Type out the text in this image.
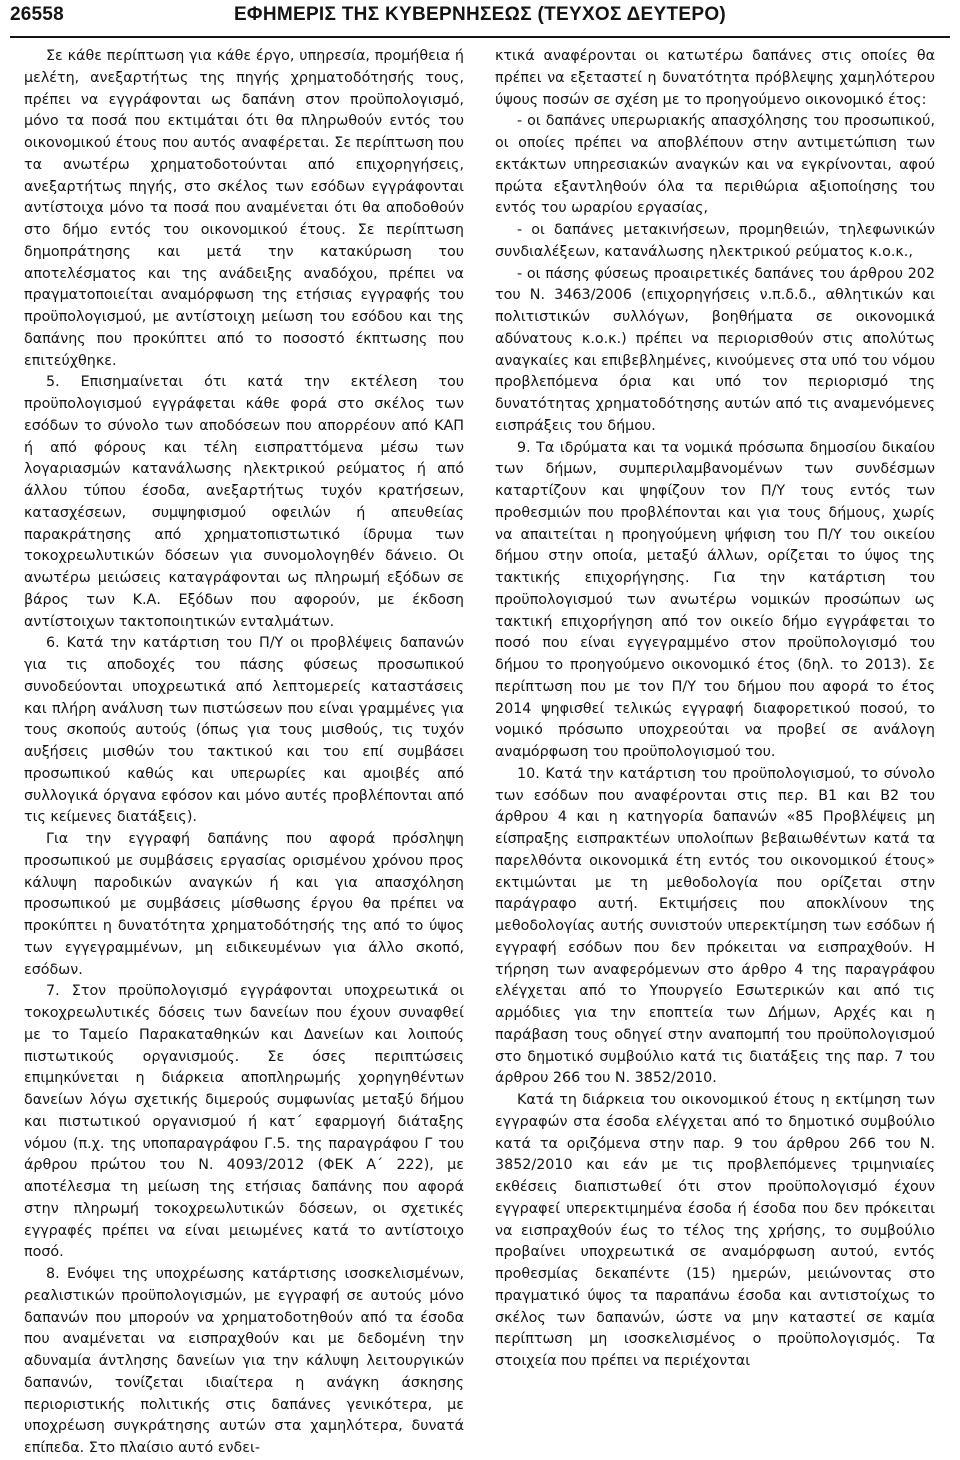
26558	ΕΦΗΜΕΡΙΣ ΤΗΣ ΚΥΒΕΡΝΗΣΕΩΣ (ΤΕΥΧΟΣ ΔΕΥΤΕΡΟ)

Σε κάθε περίπτωση για κάθε έργο, υπηρεσία, προμήθεια ή μελέτη, ανεξαρτήτως της πηγής χρηματοδότησής τους, πρέπει να εγγράφονται ως δαπάνη στον προϋπολογισμό, μόνο τα ποσά που εκτιμάται ότι θα πληρωθούν εντός του οικονομικού έτους που αυτός αναφέρεται. Σε περίπτωση που τα ανωτέρω χρηματοδοτούνται από επιχορηγήσεις, ανεξαρτήτως πηγής, στο σκέλος των εσόδων εγγράφονται αντίστοιχα μόνο τα ποσά που αναμένεται ότι θα αποδοθούν στο δήμο εντός του οικονομικού έτους. Σε περίπτωση δημοπράτησης και μετά την κατακύρωση του αποτελέσματος και της ανάδειξης αναδόχου, πρέπει να πραγματοποιείται αναμόρφωση της ετήσιας εγγραφής του προϋπολογισμού, με αντίστοιχη μείωση του εσόδου και της δαπάνης που προκύπτει από το ποσοστό έκπτωσης που επιτεύχθηκε.

5. Επισημαίνεται ότι κατά την εκτέλεση του προϋπολογισμού εγγράφεται κάθε φορά στο σκέλος των εσόδων το σύνολο των αποδόσεων που απορρέουν από ΚΑΠ ή από φόρους και τέλη εισπραττόμενα μέσω των λογαριασμών κατανάλωσης ηλεκτρικού ρεύματος ή από άλλου τύπου έσοδα, ανεξαρτήτως τυχόν κρατήσεων, κατασχέσεων, συμψηφισμού οφειλών ή απευθείας παρακράτησης από χρηματοπιστωτικό ίδρυμα των τοκοχρεωλυτικών δόσεων για συνομολογηθέν δάνειο. Οι ανωτέρω μειώσεις καταγράφονται ως πληρωμή εξόδων σε βάρος των Κ.Α. Εξόδων που αφορούν, με έκδοση αντίστοιχων τακτοποιητικών ενταλμάτων.

6. Κατά την κατάρτιση του Π/Υ οι προβλέψεις δαπανών για τις αποδοχές του πάσης φύσεως προσωπικού συνοδεύονται υποχρεωτικά από λεπτομερείς καταστάσεις και πλήρη ανάλυση των πιστώσεων που είναι γραμμένες για τους σκοπούς αυτούς (όπως για τους μισθούς, τις τυχόν αυξήσεις μισθών του τακτικού και του επί συμβάσει προσωπικού καθώς και υπερωρίες και αμοιβές από συλλογικά όργανα εφόσον και μόνο αυτές προβλέπονται από τις κείμενες διατάξεις).

Για την εγγραφή δαπάνης που αφορά πρόσληψη προσωπικού με συμβάσεις εργασίας ορισμένου χρόνου προς κάλυψη παροδικών αναγκών ή και για απασχόληση προσωπικού με συμβάσεις μίσθωσης έργου θα πρέπει να προκύπτει η δυνατότητα χρηματοδότησής της από το ύψος των εγγεγραμμένων, μη ειδικευμένων για άλλο σκοπό, εσόδων.

7. Στον προϋπολογισμό εγγράφονται υποχρεωτικά οι τοκοχρεωλυτικές δόσεις των δανείων που έχουν συναφθεί με το Ταμείο Παρακαταθηκών και Δανείων και λοιπούς πιστωτικούς οργανισμούς. Σε όσες περιπτώσεις επιμηκύνεται η διάρκεια αποπληρωμής χορηγηθέντων δανείων λόγω σχετικής διμερούς συμφωνίας μεταξύ δήμου και πιστωτικού οργανισμού ή κατ΄ εφαρμογή διάταξης νόμου (π.χ. της υποπαραγράφου Γ.5. της παραγράφου Γ του άρθρου πρώτου του Ν. 4093/2012 (ΦΕΚ Α΄ 222), με αποτέλεσμα τη μείωση της ετήσιας δαπάνης που αφορά στην πληρωμή τοκοχρεωλυτικών δόσεων, οι σχετικές εγγραφές πρέπει να είναι μειωμένες κατά το αντίστοιχο ποσό.

8. Ενόψει της υποχρέωσης κατάρτισης ισοσκελισμένων, ρεαλιστικών προϋπολογισμών, με εγγραφή σε αυτούς μόνο δαπανών που μπορούν να χρηματοδοτηθούν από τα έσοδα που αναμένεται να εισπραχθούν και με δεδομένη την αδυναμία άντλησης δανείων για την κάλυψη λειτουργικών δαπανών, τονίζεται ιδιαίτερα η ανάγκη άσκησης περιοριστικής πολιτικής στις δαπάνες γενικότερα, με υποχρέωση συγκράτησης αυτών στα χαμηλότερα, δυνατά επίπεδα. Στο πλαίσιο αυτό ενδει-

κτικά αναφέρονται οι κατωτέρω δαπάνες στις οποίες θα πρέπει να εξεταστεί η δυνατότητα πρόβλεψης χαμηλότερου ύψους ποσών σε σχέση με το προηγούμενο οικονομικό έτος:

- οι δαπάνες υπερωριακής απασχόλησης του προσωπικού, οι οποίες πρέπει να αποβλέπουν στην αντιμετώπιση των εκτάκτων υπηρεσιακών αναγκών και να εγκρίνονται, αφού πρώτα εξαντληθούν όλα τα περιθώρια αξιοποίησης του εντός του ωραρίου εργασίας,

- οι δαπάνες μετακινήσεων, προμηθειών, τηλεφωνικών συνδιαλέξεων, κατανάλωσης ηλεκτρικού ρεύματος κ.ο.κ.,

- οι πάσης φύσεως προαιρετικές δαπάνες του άρθρου 202 του Ν. 3463/2006 (επιχορηγήσεις ν.π.δ.δ., αθλητικών και πολιτιστικών συλλόγων, βοηθήματα σε οικονομικά αδύνατους κ.ο.κ.) πρέπει να περιορισθούν στις απολύτως αναγκαίες και επιβεβλημένες, κινούμενες στα υπό του νόμου προβλεπόμενα όρια και υπό τον περιορισμό της δυνατότητας χρηματοδότησης αυτών από τις αναμενόμενες εισπράξεις του δήμου.

9. Τα ιδρύματα και τα νομικά πρόσωπα δημοσίου δικαίου των δήμων, συμπεριλαμβανομένων των συνδέσμων καταρτίζουν και ψηφίζουν τον Π/Υ τους εντός των προθεσμιών που προβλέπονται και για τους δήμους, χωρίς να απαιτείται η προηγούμενη ψήφιση του Π/Υ του οικείου δήμου στην οποία, μεταξύ άλλων, ορίζεται το ύψος της τακτικής επιχορήγησης. Για την κατάρτιση του προϋπολογισμού των ανωτέρω νομικών προσώπων ως τακτική επιχορήγηση από τον οικείο δήμο εγγράφεται το ποσό που είναι εγγεγραμμένο στον προϋπολογισμό του δήμου το προηγούμενο οικονομικό έτος (δηλ. το 2013). Σε περίπτωση που με τον Π/Υ του δήμου που αφορά το έτος 2014 ψηφισθεί τελικώς εγγραφή διαφορετικού ποσού, το νομικό πρόσωπο υποχρεούται να προβεί σε ανάλογη αναμόρφωση του προϋπολογισμού του.

10. Κατά την κατάρτιση του προϋπολογισμού, το σύνολο των εσόδων που αναφέρονται στις περ. Β1 και Β2 του άρθρου 4 και η κατηγορία δαπανών «85 Προβλέψεις μη είσπραξης εισπρακτέων υπολοίπων βεβαιωθέντων κατά τα παρελθόντα οικονομικά έτη εντός του οικονομικού έτους» εκτιμώνται με τη μεθοδολογία που ορίζεται στην παράγραφο αυτή. Εκτιμήσεις που αποκλίνουν της μεθοδολογίας αυτής συνιστούν υπερεκτίμηση των εσόδων ή εγγραφή εσόδων που δεν πρόκειται να εισπραχθούν. Η τήρηση των αναφερόμενων στο άρθρο 4 της παραγράφου ελέγχεται από το Υπουργείο Εσωτερικών και από τις αρμόδιες για την εποπτεία των Δήμων, Αρχές και η παράβαση τους οδηγεί στην αναπομπή του προϋπολογισμού στο δημοτικό συμβούλιο κατά τις διατάξεις της παρ. 7 του άρθρου 266 του Ν. 3852/2010.

Κατά τη διάρκεια του οικονομικού έτους η εκτίμηση των εγγραφών στα έσοδα ελέγχεται από το δημοτικό συμβούλιο κατά τα οριζόμενα στην παρ. 9 του άρθρου 266 του Ν. 3852/2010 και εάν με τις προβλεπόμενες τριμηνιαίες εκθέσεις διαπιστωθεί ότι στον προϋπολογισμό έχουν εγγραφεί υπερεκτιμημένα έσοδα ή έσοδα που δεν πρόκειται να εισπραχθούν έως το τέλος της χρήσης, το συμβούλιο προβαίνει υποχρεωτικά σε αναμόρφωση αυτού, εντός προθεσμίας δεκαπέντε (15) ημερών, μειώνοντας στο πραγματικό ύψος τα παραπάνω έσοδα και αντιστοίχως το σκέλος των δαπανών, ώστε να μην καταστεί σε καμία περίπτωση μη ισοσκελισμένος ο προϋπολογισμός. Τα στοιχεία που πρέπει να περιέχονται
